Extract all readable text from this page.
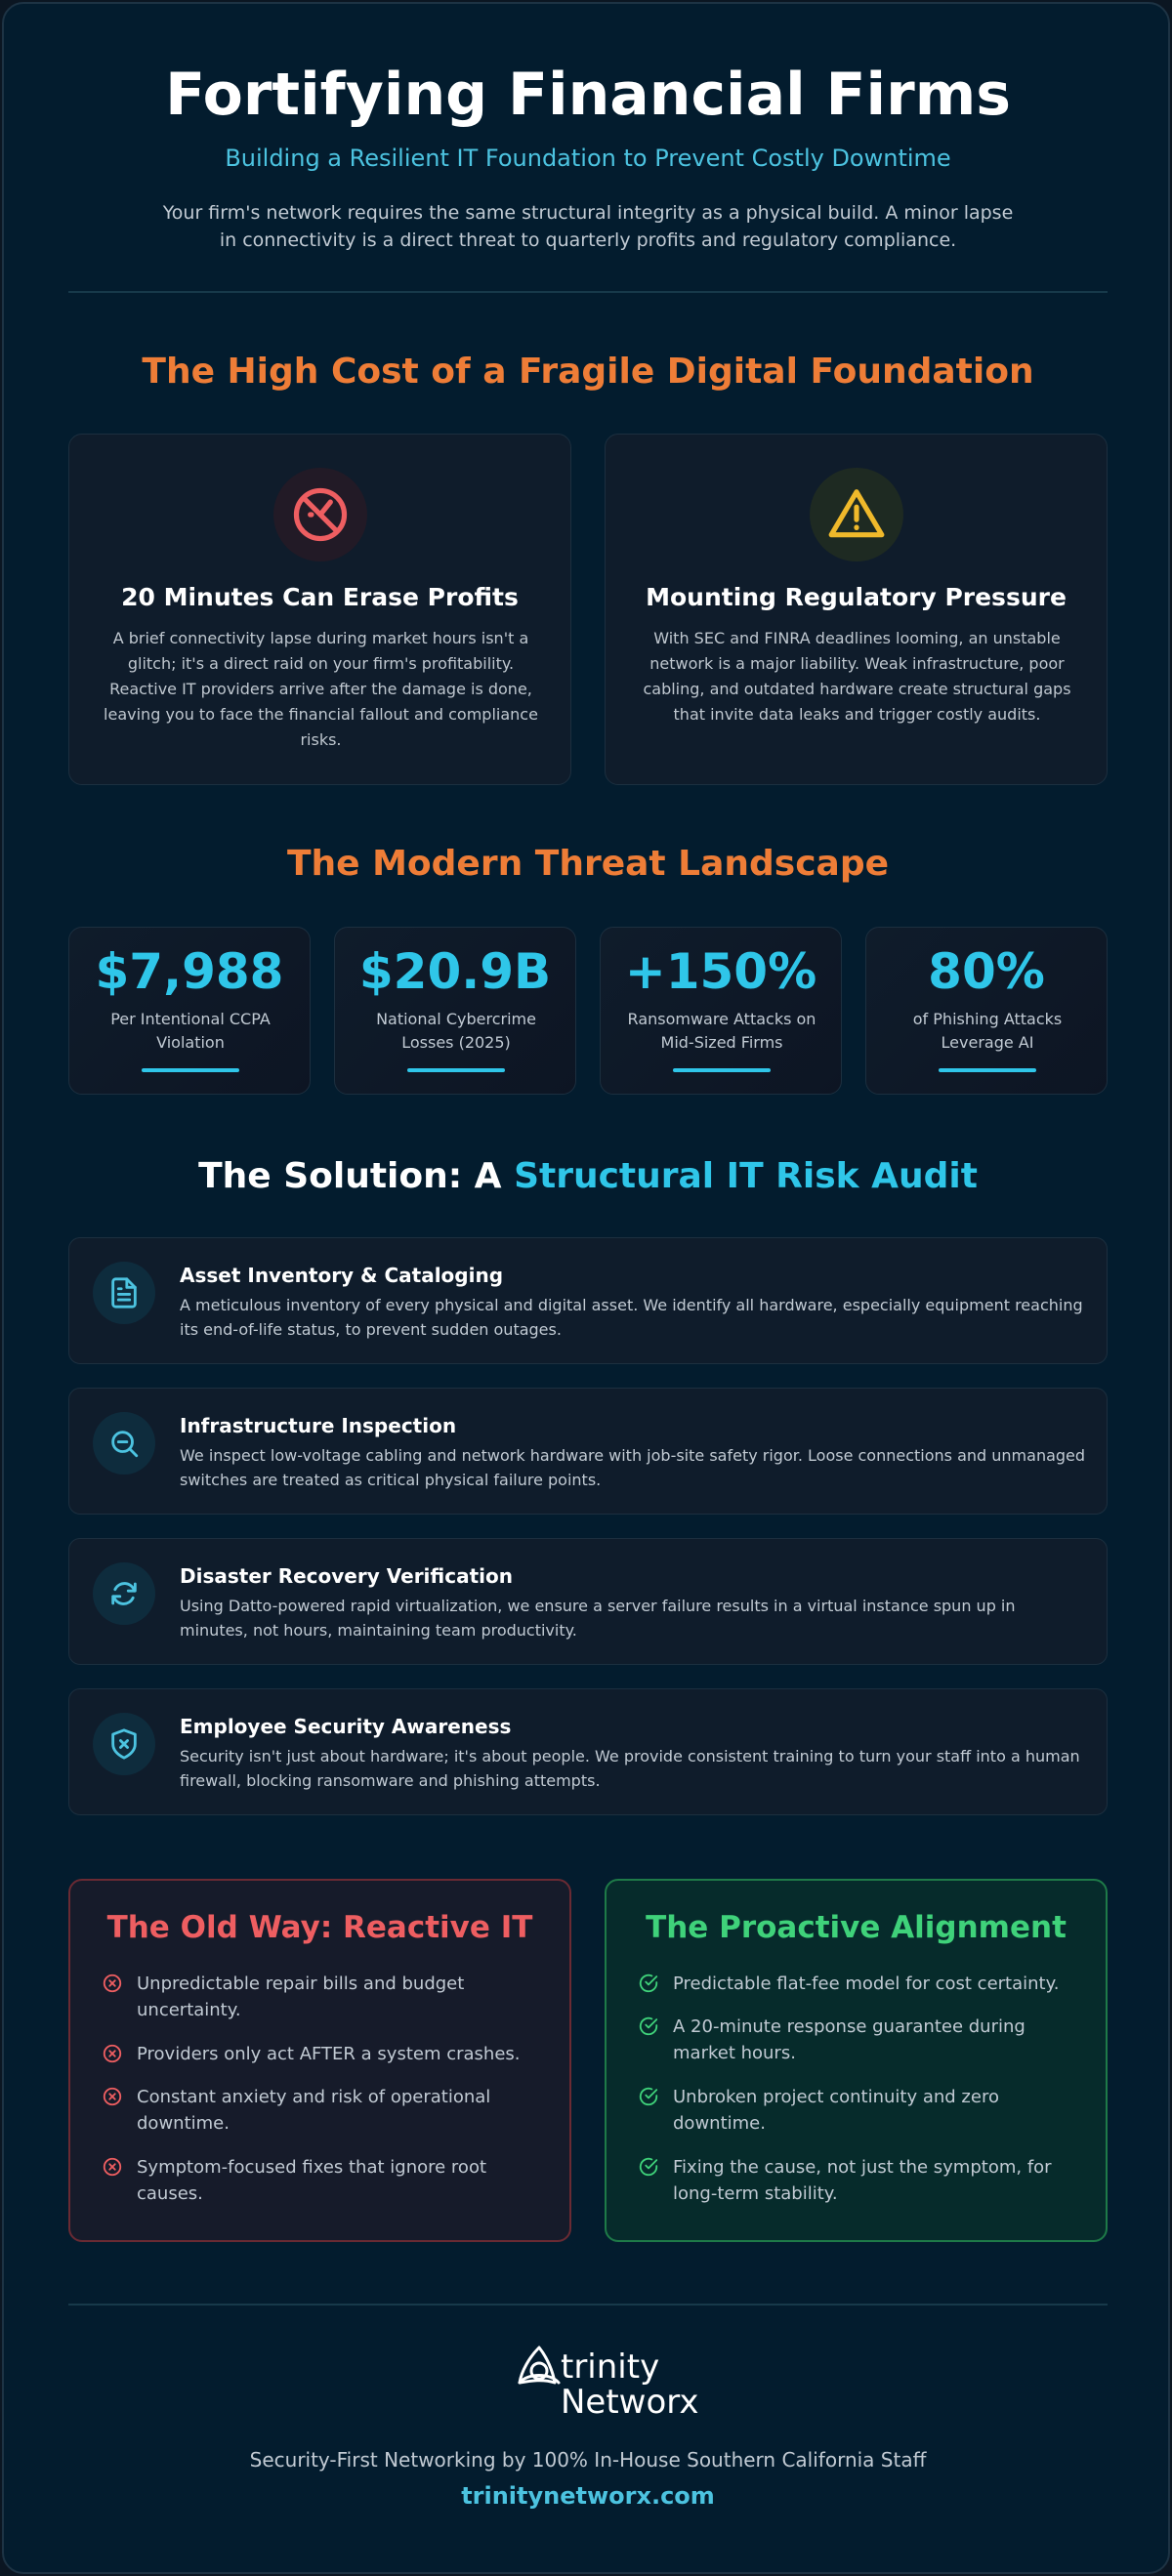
Fortifying Financial Firms
Building a Resilient IT Foundation to Prevent Costly Downtime
Your firm's network requires the same structural integrity as a physical build. A minor lapse in connectivity is a direct threat to quarterly profits and regulatory compliance.
The High Cost of a Fragile Digital Foundation
20 Minutes Can Erase Profits
A brief connectivity lapse during market hours isn't a glitch; it's a direct raid on your firm's profitability. Reactive IT providers arrive after the damage is done, leaving you to face the financial fallout and compliance risks.
Mounting Regulatory Pressure
With SEC and FINRA deadlines looming, an unstable network is a major liability. Weak infrastructure, poor cabling, and outdated hardware create structural gaps that invite data leaks and trigger costly audits.
The Modern Threat Landscape
$7,988
Per Intentional CCPA Violation
$20.9B
National Cybercrime Losses (2025)
+150%
Ransomware Attacks on Mid-Sized Firms
80%
of Phishing Attacks Leverage AI
The Solution: A Structural IT Risk Audit
Asset Inventory & Cataloging
A meticulous inventory of every physical and digital asset. We identify all hardware, especially equipment reaching its end-of-life status, to prevent sudden outages.
Infrastructure Inspection
We inspect low-voltage cabling and network hardware with job-site safety rigor. Loose connections and unmanaged switches are treated as critical physical failure points.
Disaster Recovery Verification
Using Datto-powered rapid virtualization, we ensure a server failure results in a virtual instance spun up in minutes, not hours, maintaining team productivity.
Employee Security Awareness
Security isn't just about hardware; it's about people. We provide consistent training to turn your staff into a human firewall, blocking ransomware and phishing attempts.
The Old Way: Reactive IT
Unpredictable repair bills and budget uncertainty.
Providers only act AFTER a system crashes.
Constant anxiety and risk of operational downtime.
Symptom-focused fixes that ignore root causes.
The Proactive Alignment
Predictable flat-fee model for cost certainty.
A 20-minute response guarantee during market hours.
Unbroken project continuity and zero downtime.
Fixing the cause, not just the symptom, for long-term stability.
trinity Networx
Security-First Networking by 100% In-House Southern California Staff
trinitynetworx.com
